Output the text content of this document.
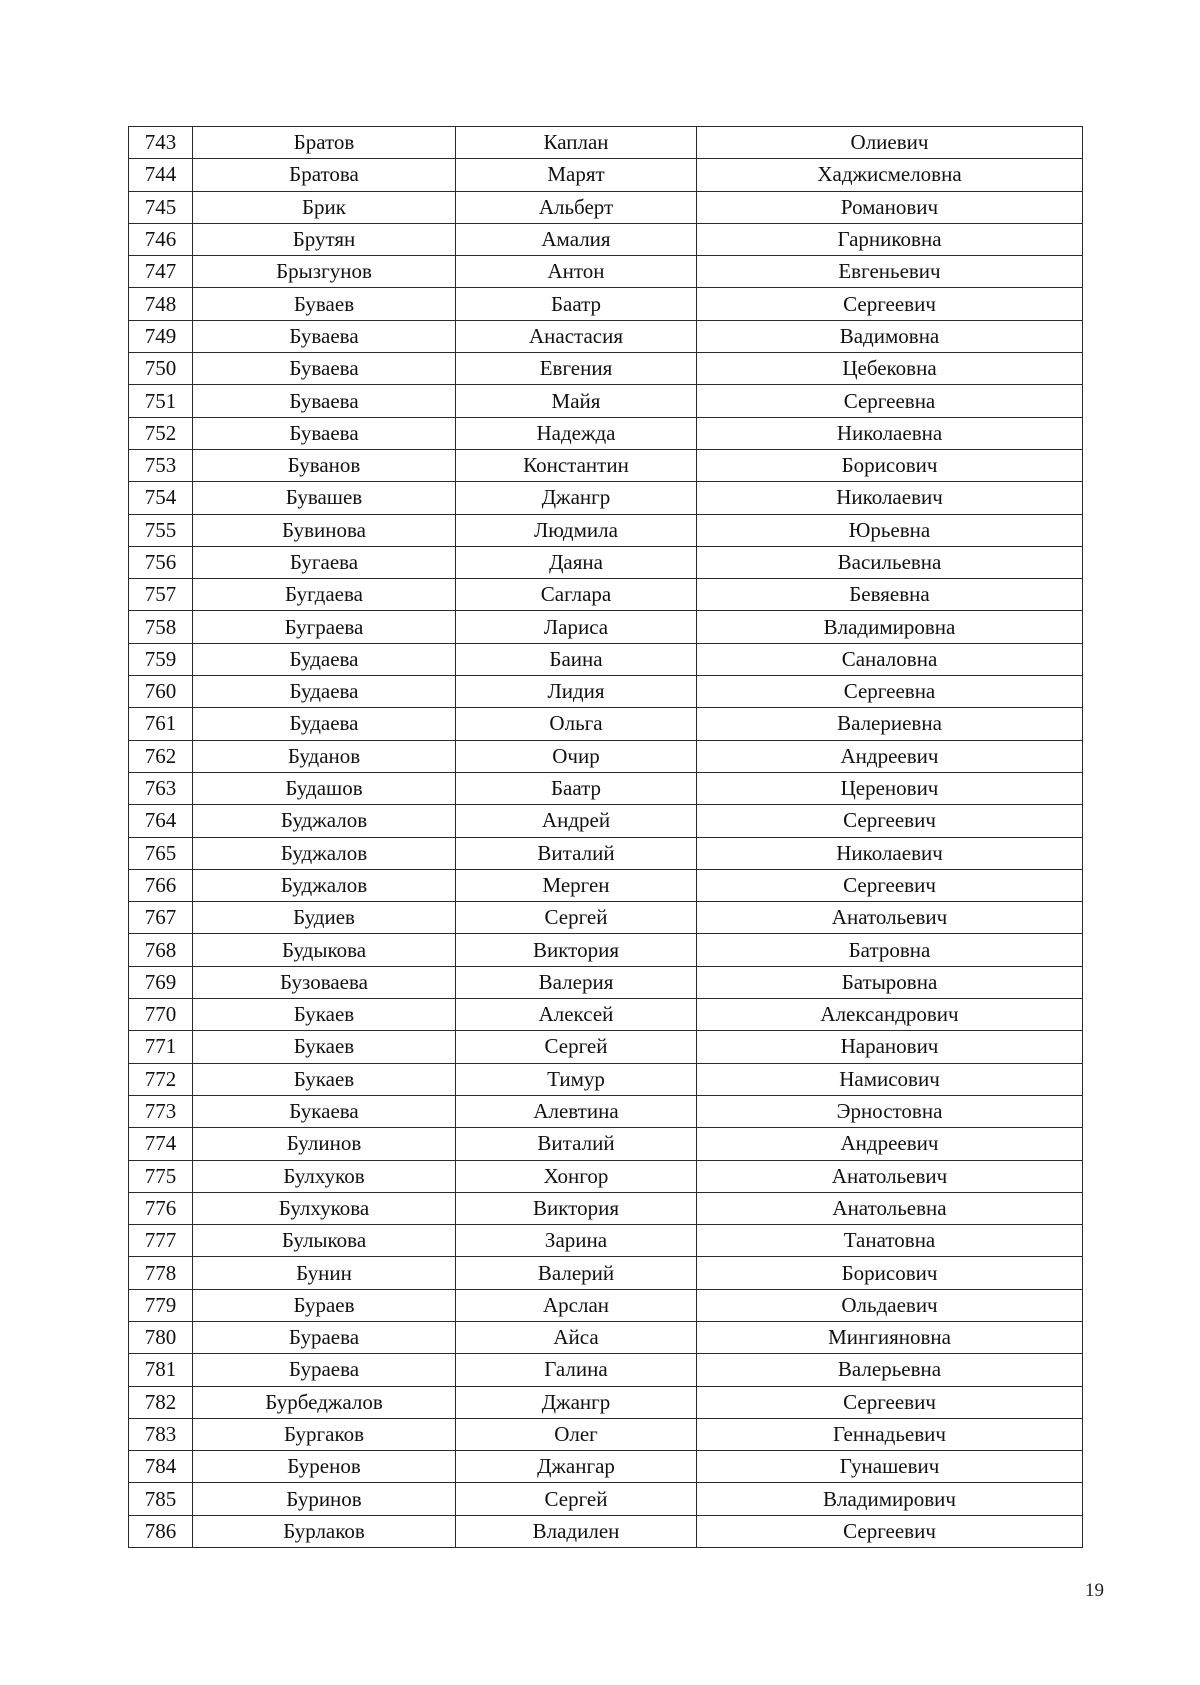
743	Братов	Каплан	Олиевич
744	Братова	Марят	Хаджисмеловна
745	Брик	Альберт	Романович
746	Брутян	Амалия	Гарниковна
747	Брызгунов	Антон	Евгеньевич
748	Буваев	Баатр	Сергеевич
749	Буваева	Анастасия	Вадимовна
750	Буваева	Евгения	Цебековна
751	Буваева	Майя	Сергеевна
752	Буваева	Надежда	Николаевна
753	Буванов	Константин	Борисович
754	Бувашев	Джангр	Николаевич
755	Бувинова	Людмила	Юрьевна
756	Бугаева	Даяна	Васильевна
757	Бугдаева	Саглара	Бевяевна
758	Буграева	Лариса	Владимировна
759	Будаева	Баина	Саналовна
760	Будаева	Лидия	Сергеевна
761	Будаева	Ольга	Валериевна
762	Буданов	Очир	Андреевич
763	Будашов	Баатр	Церенович
764	Буджалов	Андрей	Сергеевич
765	Буджалов	Виталий	Николаевич
766	Буджалов	Мерген	Сергеевич
767	Будиев	Сергей	Анатольевич
768	Будыкова	Виктория	Батровна
769	Бузоваева	Валерия	Батыровна
770	Букаев	Алексей	Александрович
771	Букаев	Сергей	Наранович
772	Букаев	Тимур	Намисович
773	Букаева	Алевтина	Эрностовна
774	Булинов	Виталий	Андреевич
775	Булхуков	Хонгор	Анатольевич
776	Булхукова	Виктория	Анатольевна
777	Булыкова	Зарина	Танатовна
778	Бунин	Валерий	Борисович
779	Бураев	Арслан	Ольдаевич
780	Бураева	Айса	Мингияновна
781	Бураева	Галина	Валерьевна
782	Бурбеджалов	Джангр	Сергеевич
783	Бургаков	Олег	Геннадьевич
784	Буренов	Джангар	Гунашевич
785	Буринов	Сергей	Владимирович
786	Бурлаков	Владилен	Сергеевич
19
